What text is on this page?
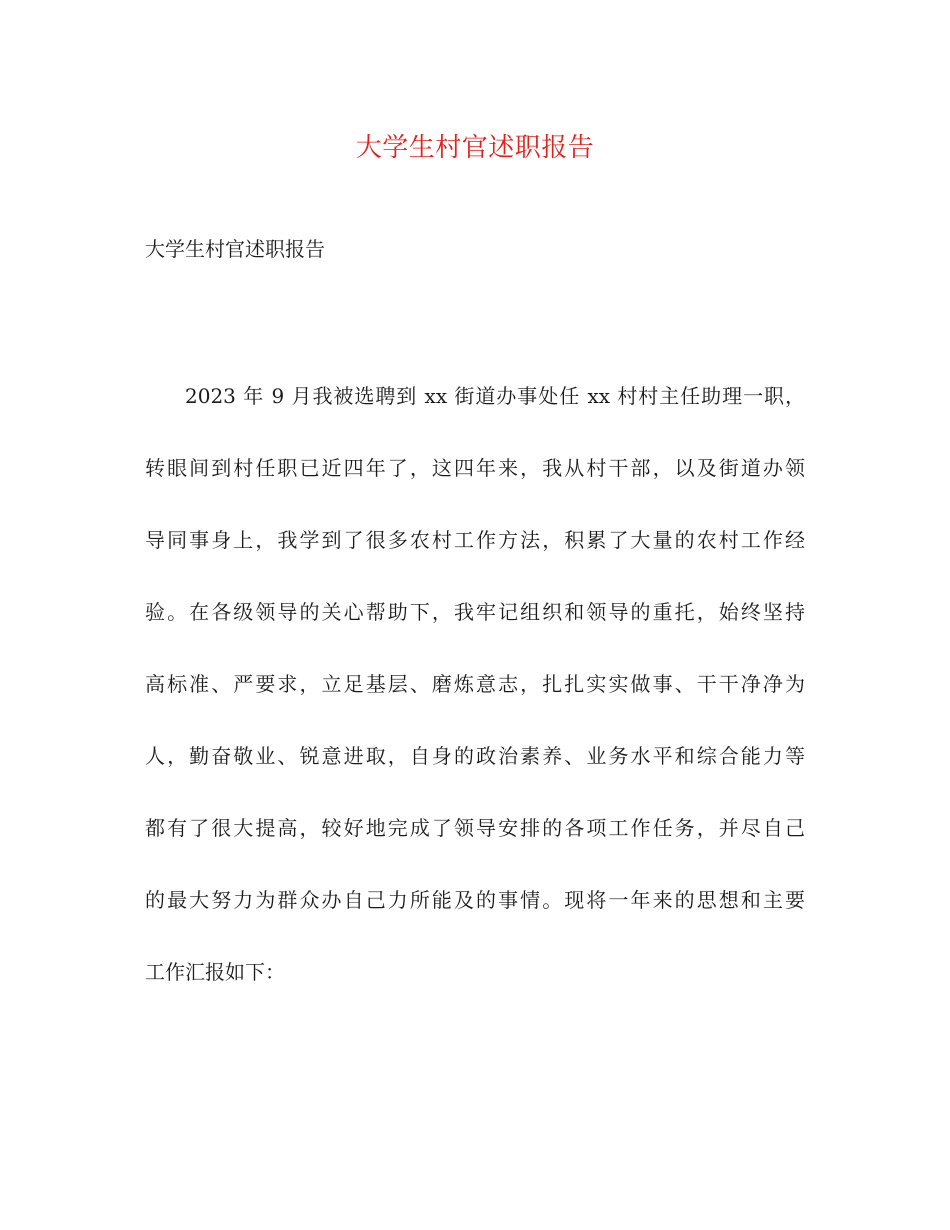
大学生村官述职报告
大学生村官述职报告
2023 年 9 月我被选聘到 xx 街道办事处任 xx 村村主任助理一职，
转眼间到村任职已近四年了，这四年来，我从村干部，以及街道办领
导同事身上，我学到了很多农村工作方法，积累了大量的农村工作经
验。在各级领导的关心帮助下，我牢记组织和领导的重托，始终坚持
高标准、严要求，立足基层、磨炼意志，扎扎实实做事、干干净净为
人，勤奋敬业、锐意进取，自身的政治素养、业务水平和综合能力等
都有了很大提高，较好地完成了领导安排的各项工作任务，并尽自己
的最大努力为群众办自己力所能及的事情。现将一年来的思想和主要
工作汇报如下：
